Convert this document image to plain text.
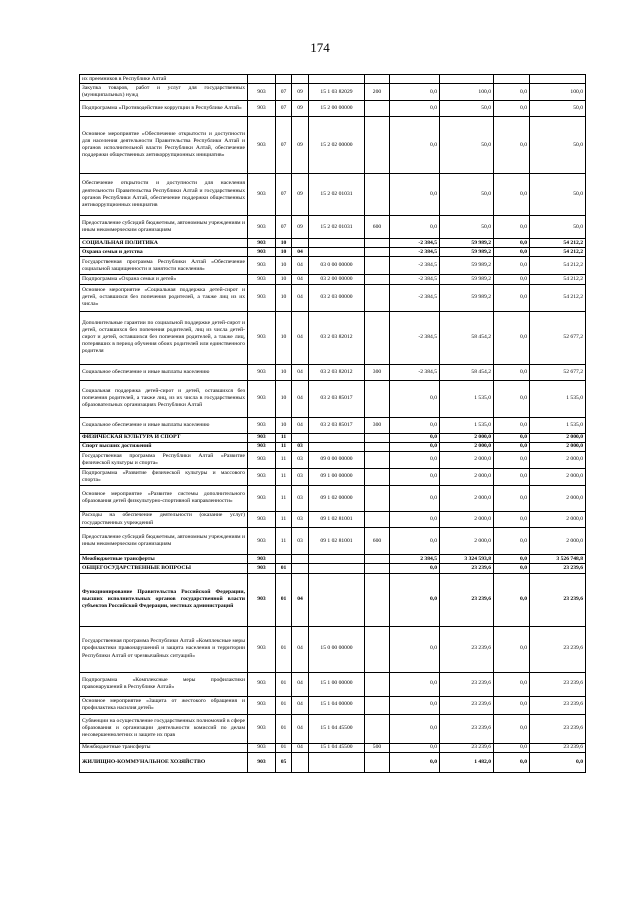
174
их преемников в Республике Алтай									
Закупка товаров, работ и услуг для государственных (муниципальных) нужд	903	07	09	15 1 03 82029	200	0,0	100,0	0,0	100,0
Подпрограмма «Противодействие коррупции в Республике Алтай»	903	07	09	15 2 00 00000		0,0	50,0	0,0	50,0
Основное мероприятие «Обеспечение открытости и доступности для населения деятельности Правительства Республики Алтай и органов исполнительной власти Республики Алтай, обеспечение поддержки общественных антикоррупционных инициатив»	903	07	09	15 2 02 00000		0,0	50,0	0,0	50,0
Обеспечение открытости и доступности для населения деятельности Правительства Республики Алтай и государственных органов Республики Алтай, обеспечение поддержки общественных антикоррупционных инициатив	903	07	09	15 2 02 01031		0,0	50,0	0,0	50,0
Предоставление субсидий бюджетным, автономным учреждениям и иным некоммерческим организациям	903	07	09	15 2 02 01031	600	0,0	50,0	0,0	50,0
СОЦИАЛЬНАЯ ПОЛИТИКА	903	10				-2 384,5	59 989,2	0,0	54 212,2
Охрана семьи и детства	903	10	04			-2 384,5	59 989,2	0,0	54 212,2
Государственная программа Республики Алтай «Обеспечение социальной защищенности и занятости населения»	903	10	04	03 0 00 00000		-2 384,5	59 989,2	0,0	54 212,2
Подпрограмма «Охрана семьи и детей»	903	10	04	03 2 00 00000		-2 384,5	59 989,2	0,0	54 212,2
Основное мероприятие «Социальная поддержка детей-сирот и детей, оставшихся без попечения родителей, а также лиц из их числа»	903	10	04	03 2 03 00000		-2 384,5	59 989,2	0,0	54 212,2
Дополнительные гарантии по социальной поддержке детей-сирот и детей, оставшихся без попечения родителей, лиц из числа детей-сирот и детей, оставшихся без попечения родителей, а также лиц, потерявших в период обучения обоих родителей или единственного родителя	903	10	04	03 2 03 82012		-2 384,5	58 454,2	0,0	52 677,2
Социальное обеспечение и иные выплаты населению	903	10	04	03 2 03 82012	300	-2 384,5	58 454,2	0,0	52 677,2
Социальная поддержка детей-сирот и детей, оставшихся без попечения родителей, а также лиц, из их числа в государственных образовательных организациях Республики Алтай	903	10	04	03 2 03 85017		0,0	1 535,0	0,0	1 535,0
Социальное обеспечение и иные выплаты населению	903	10	04	03 2 03 85017	300	0,0	1 535,0	0,0	1 535,0
ФИЗИЧЕСКАЯ КУЛЬТУРА И СПОРТ	903	11				0,0	2 000,0	0,0	2 000,0
Спорт высших достижений	903	11	03			0,0	2 000,0	0,0	2 000,0
Государственная программа Республики Алтай «Развитие физической культуры и спорта»	903	11	03	09 0 00 00000		0,0	2 000,0	0,0	2 000,0
Подпрограмма «Развитие физической культуры и массового спорта»	903	11	03	09 1 00 00000		0,0	2 000,0	0,0	2 000,0
Основное мероприятие «Развитие системы дополнительного образования детей физкультурно-спортивной направленности»	903	11	03	09 1 02 00000		0,0	2 000,0	0,0	2 000,0
Расходы на обеспечение деятельности (оказание услуг) государственных учреждений	903	11	03	09 1 02 81001		0,0	2 000,0	0,0	2 000,0
Предоставление субсидий бюджетным, автономным учреждениям и иным некоммерческим организациям	903	11	03	09 1 02 81001	600	0,0	2 000,0	0,0	2 000,0
Межбюджетные трансферты	903					2 384,5	3 324 593,8	0,0	3 526 748,8
ОБЩЕГОСУДАРСТВЕННЫЕ ВОПРОСЫ	903	01				0,0	23 239,6	0,0	23 239,6
Функционирование Правительства Российской Федерации, высших исполнительных органов государственной власти субъектов Российской Федерации, местных администраций	903	01	04			0,0	23 239,6	0,0	23 239,6
Государственная программа Республики Алтай «Комплексные меры профилактики правонарушений и защита населения и территории Республики Алтай от чрезвычайных ситуаций»	903	01	04	15 0 00 00000		0,0	23 239,6	0,0	23 239,6
Подпрограмма «Комплексные меры профилактики правонарушений в Республике Алтай»	903	01	04	15 1 00 00000		0,0	23 239,6	0,0	23 239,6
Основное мероприятие «Защита от жестокого обращения и профилактика насилия детей»	903	01	04	15 1 04 00000		0,0	23 239,6	0,0	23 239,6
Субвенции на осуществление государственных полномочий в сфере образования и организации деятельности комиссий по делам несовершеннолетних и защите их прав	903	01	04	15 1 04 45500		0,0	23 239,6	0,0	23 239,6
Межбюджетные трансферты	903	01	04	15 1 04 45500	500	0,0	23 239,6	0,0	23 239,6
ЖИЛИЩНО-КОММУНАЛЬНОЕ ХОЗЯЙСТВО	903	05				0,0	1 482,0	0,0	0,0
